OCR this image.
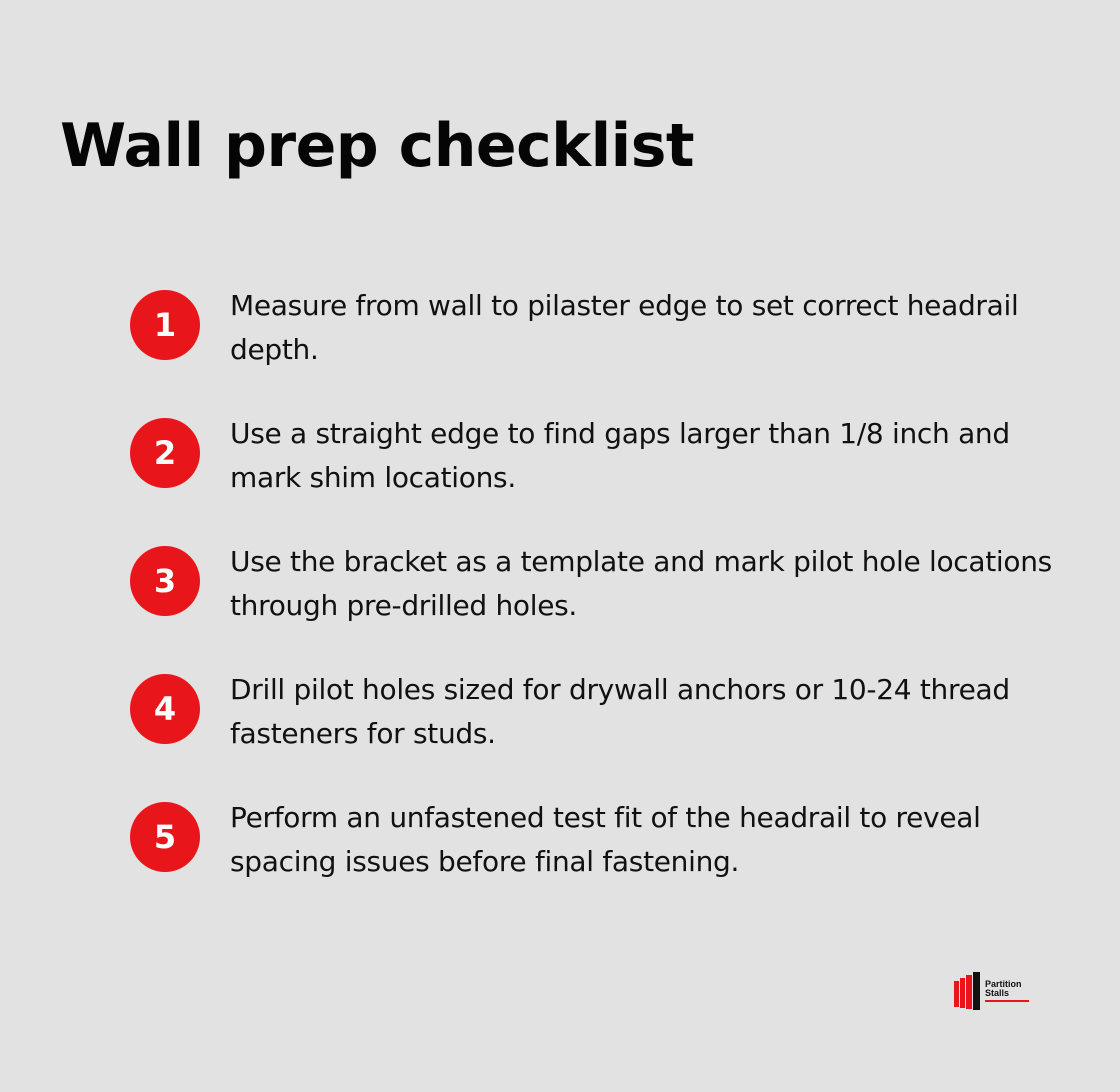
Wall prep checklist
1

Measure from wall to pilaster edge to set correct headrail depth.

2

Use a straight edge to find gaps larger than 1/8 inch and mark shim locations.

3

Use the bracket as a template and mark pilot hole locations through pre-drilled holes.

4

Drill pilot holes sized for drywall anchors or 10-24 thread fasteners for studs.

5

Perform an unfastened test fit of the headrail to reveal spacing issues before final fastening.

Partition
Stalls
